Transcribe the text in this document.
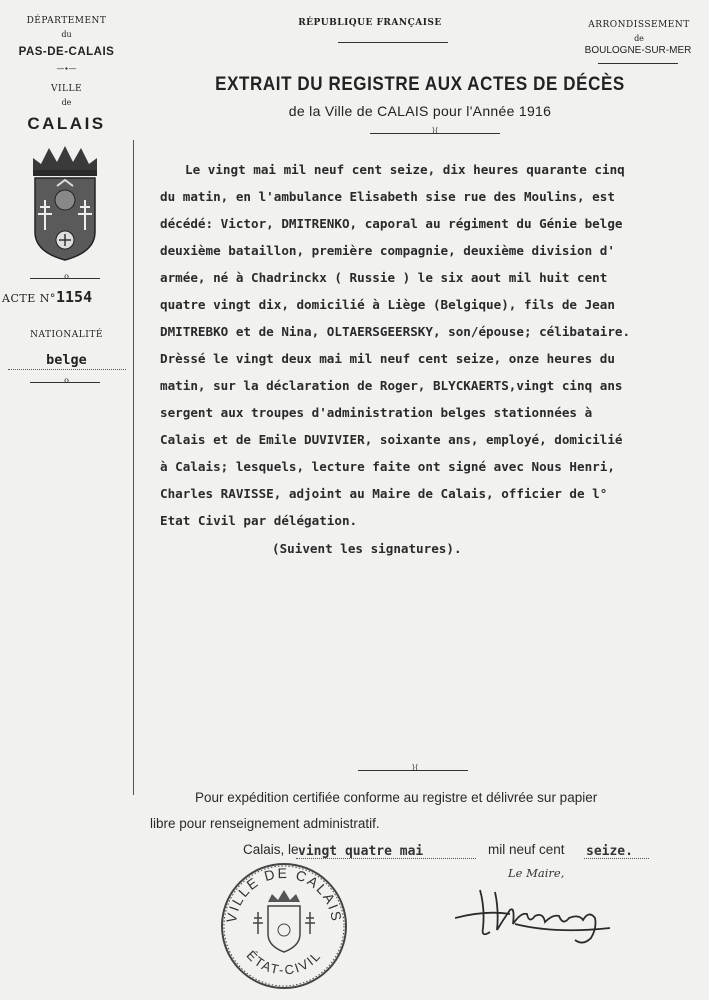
DÉPARTEMENT
du
PAS-DE-CALAIS
—∙—
VILLE
de
CALAIS
o
ACTE N° 1154
NATIONALITÉ
belge
o
RÉPUBLIQUE FRANÇAISE	ARRONDISSEMENT
de
BOULOGNE-SUR-MER
EXTRAIT DU REGISTRE AUX ACTES DE DÉCÈS
de la Ville de CALAIS pour l'Année 1916
⟩⟨
Le vingt mai mil neuf cent seize, dix heures quarante cinq
du matin, en l'ambulance Elisabeth sise rue des Moulins, est
décédé: Victor, DMITRENKO, caporal au régiment du Génie belge
deuxième bataillon, première compagnie, deuxième division d'
armée, né à Chadrinckx ( Russie ) le six aout mil huit cent
quatre vingt dix, domicilié à Liège (Belgique), fils de Jean
DMITREBKO et de Nina, OLTAERSGEERSKY, son/épouse; célibataire.
Drèssé le vingt deux mai mil neuf cent seize, onze heures du
matin, sur la déclaration de Roger, BLYCKAERTS,vingt cinq ans
sergent aux troupes d'administration belges stationnées à
Calais et de Emile DUVIVIER, soixante ans, employé, domicilié
à Calais; lesquels, lecture faite ont signé avec Nous Henri,
Charles RAVISSE, adjoint au Maire de Calais, officier de l°
Etat Civil par délégation.
(Suivent les signatures).
⟩⟨
Pour expédition certifiée conforme au registre et délivrée sur papier
libre pour renseignement administratif.
Calais, le vingt quatre mai	mil neuf cent seize.
Le Maire,
VILLE DE CALAIS
ÉTAT-CIVIL
